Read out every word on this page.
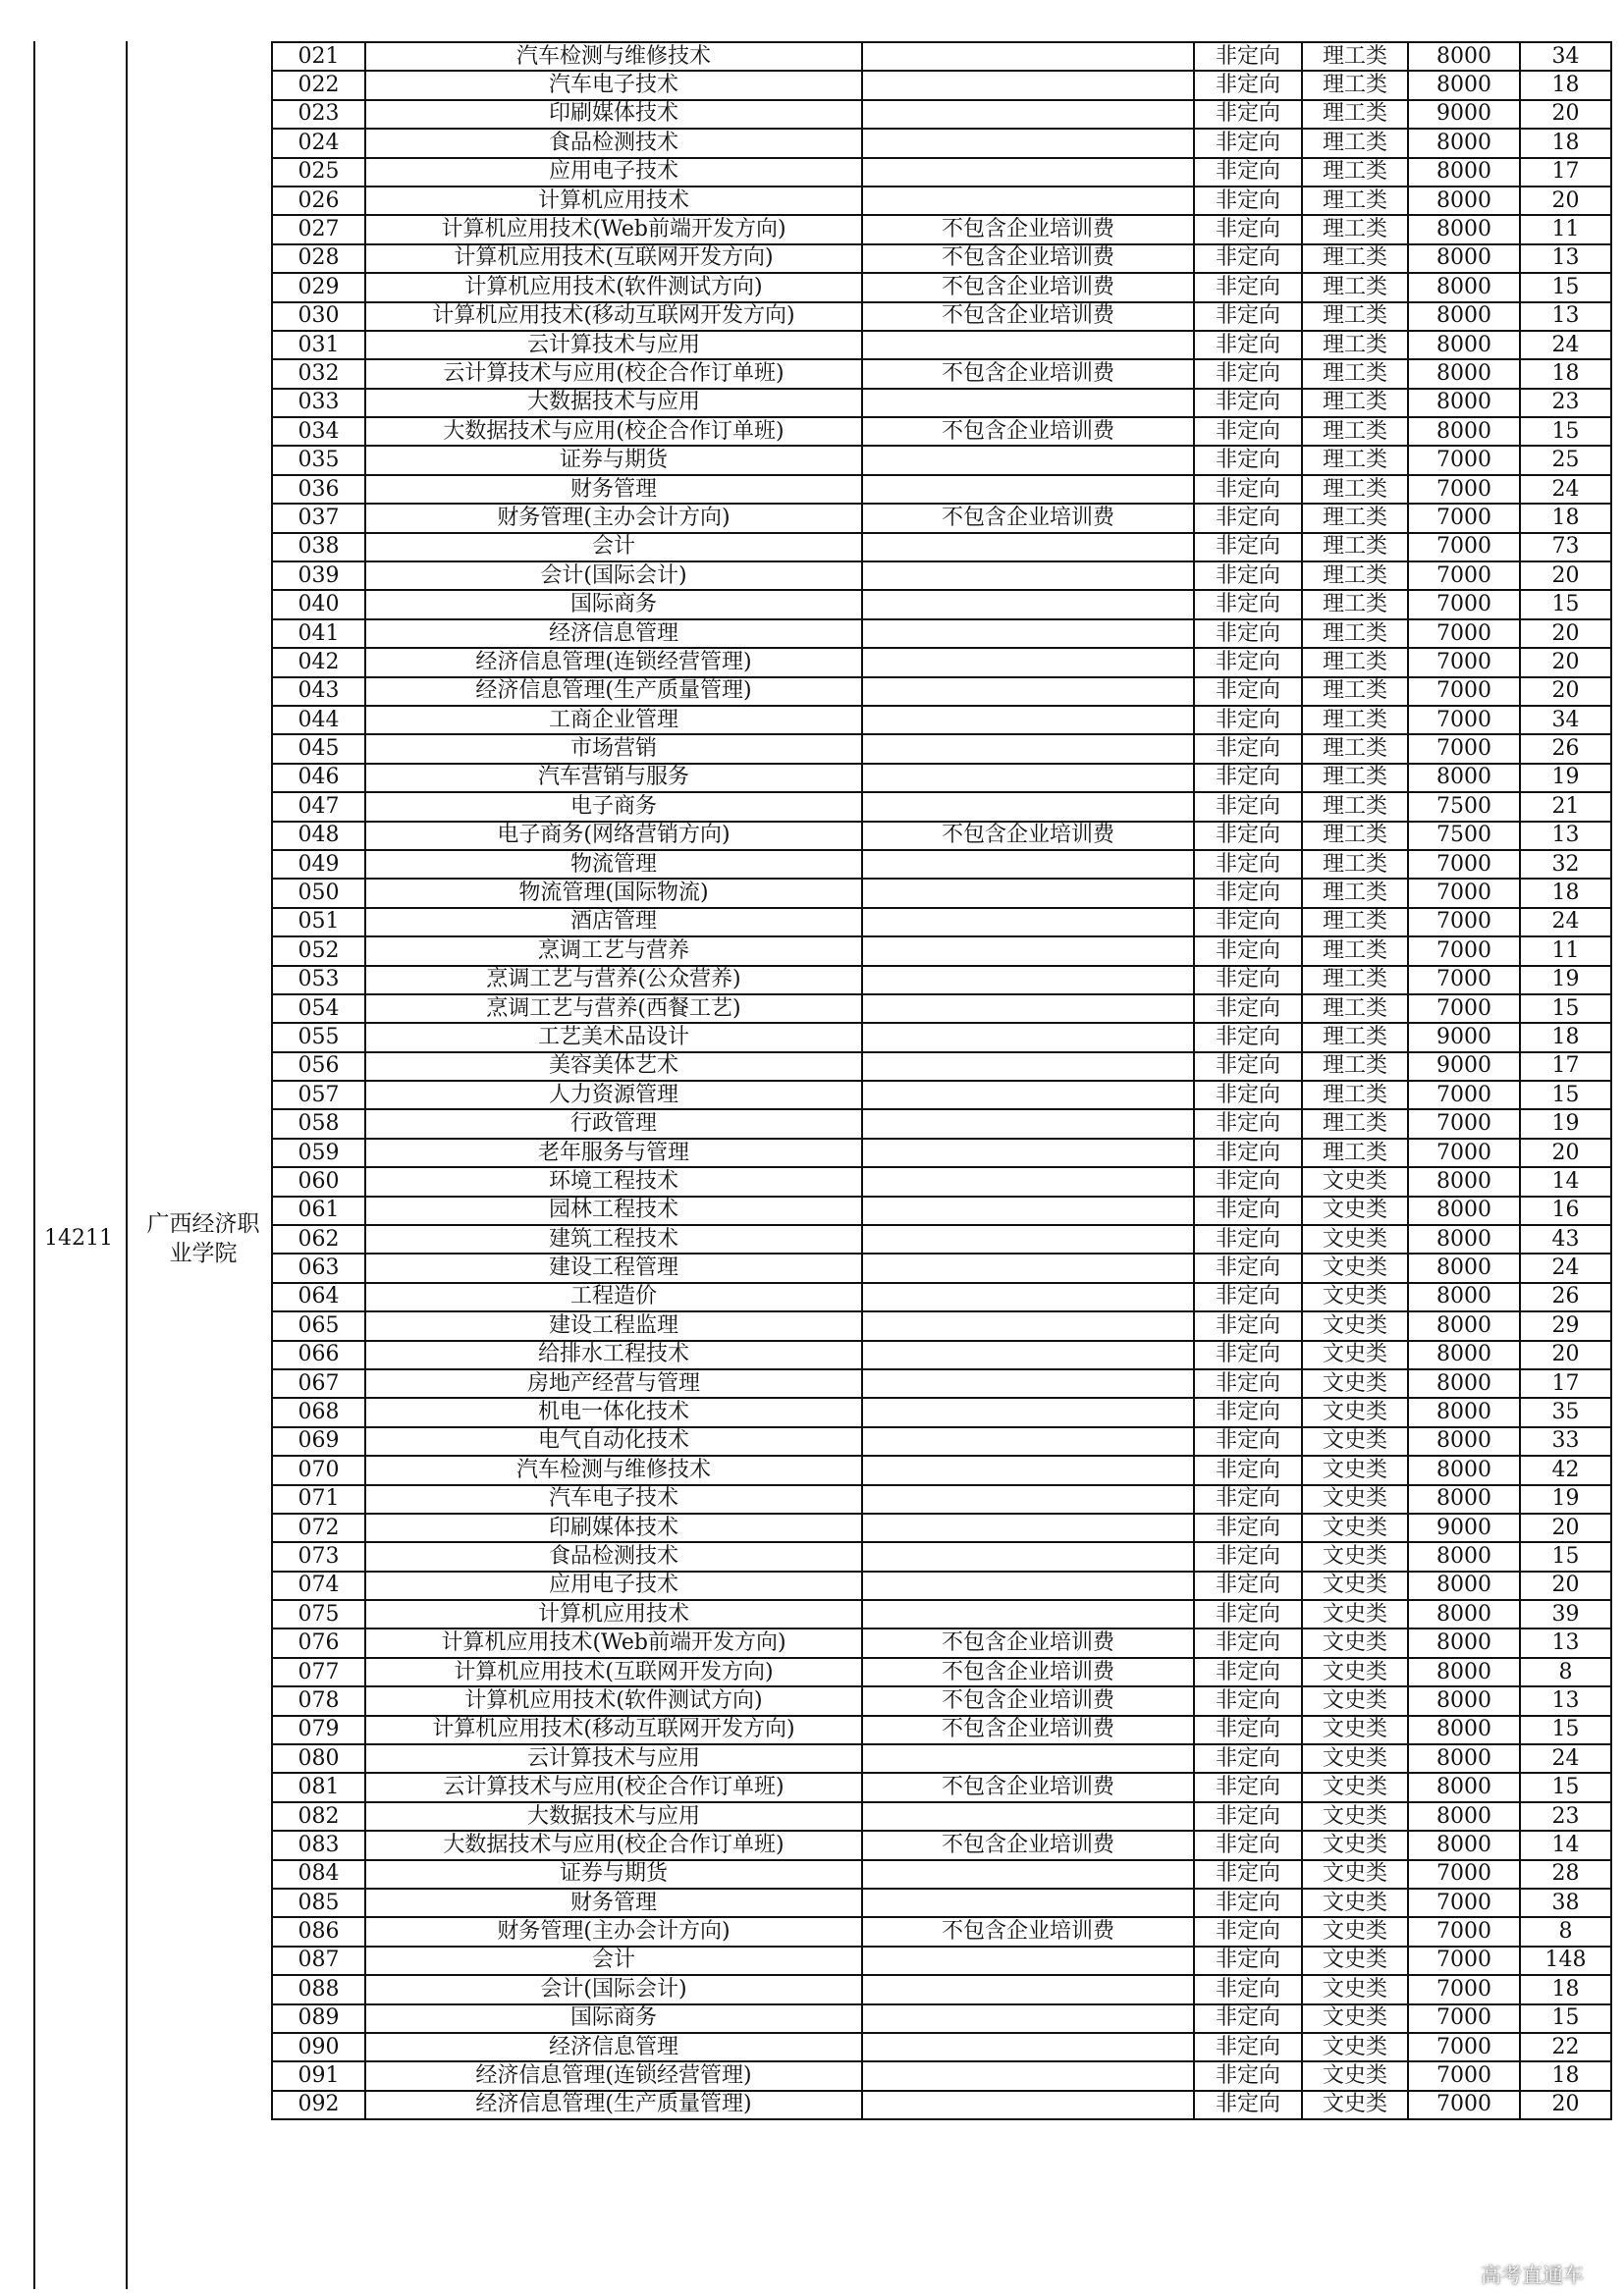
14211
广西经济职
业学院
021	汽车检测与维修技术		非定向	理工类	8000	34
022	汽车电子技术		非定向	理工类	8000	18
023	印刷媒体技术		非定向	理工类	9000	20
024	食品检测技术		非定向	理工类	8000	18
025	应用电子技术		非定向	理工类	8000	17
026	计算机应用技术		非定向	理工类	8000	20
027	计算机应用技术(Web前端开发方向)	不包含企业培训费	非定向	理工类	8000	11
028	计算机应用技术(互联网开发方向)	不包含企业培训费	非定向	理工类	8000	13
029	计算机应用技术(软件测试方向)	不包含企业培训费	非定向	理工类	8000	15
030	计算机应用技术(移动互联网开发方向)	不包含企业培训费	非定向	理工类	8000	13
031	云计算技术与应用		非定向	理工类	8000	24
032	云计算技术与应用(校企合作订单班)	不包含企业培训费	非定向	理工类	8000	18
033	大数据技术与应用		非定向	理工类	8000	23
034	大数据技术与应用(校企合作订单班)	不包含企业培训费	非定向	理工类	8000	15
035	证券与期货		非定向	理工类	7000	25
036	财务管理		非定向	理工类	7000	24
037	财务管理(主办会计方向)	不包含企业培训费	非定向	理工类	7000	18
038	会计		非定向	理工类	7000	73
039	会计(国际会计)		非定向	理工类	7000	20
040	国际商务		非定向	理工类	7000	15
041	经济信息管理		非定向	理工类	7000	20
042	经济信息管理(连锁经营管理)		非定向	理工类	7000	20
043	经济信息管理(生产质量管理)		非定向	理工类	7000	20
044	工商企业管理		非定向	理工类	7000	34
045	市场营销		非定向	理工类	7000	26
046	汽车营销与服务		非定向	理工类	8000	19
047	电子商务		非定向	理工类	7500	21
048	电子商务(网络营销方向)	不包含企业培训费	非定向	理工类	7500	13
049	物流管理		非定向	理工类	7000	32
050	物流管理(国际物流)		非定向	理工类	7000	18
051	酒店管理		非定向	理工类	7000	24
052	烹调工艺与营养		非定向	理工类	7000	11
053	烹调工艺与营养(公众营养)		非定向	理工类	7000	19
054	烹调工艺与营养(西餐工艺)		非定向	理工类	7000	15
055	工艺美术品设计		非定向	理工类	9000	18
056	美容美体艺术		非定向	理工类	9000	17
057	人力资源管理		非定向	理工类	7000	15
058	行政管理		非定向	理工类	7000	19
059	老年服务与管理		非定向	理工类	7000	20
060	环境工程技术		非定向	文史类	8000	14
061	园林工程技术		非定向	文史类	8000	16
062	建筑工程技术		非定向	文史类	8000	43
063	建设工程管理		非定向	文史类	8000	24
064	工程造价		非定向	文史类	8000	26
065	建设工程监理		非定向	文史类	8000	29
066	给排水工程技术		非定向	文史类	8000	20
067	房地产经营与管理		非定向	文史类	8000	17
068	机电一体化技术		非定向	文史类	8000	35
069	电气自动化技术		非定向	文史类	8000	33
070	汽车检测与维修技术		非定向	文史类	8000	42
071	汽车电子技术		非定向	文史类	8000	19
072	印刷媒体技术		非定向	文史类	9000	20
073	食品检测技术		非定向	文史类	8000	15
074	应用电子技术		非定向	文史类	8000	20
075	计算机应用技术		非定向	文史类	8000	39
076	计算机应用技术(Web前端开发方向)	不包含企业培训费	非定向	文史类	8000	13
077	计算机应用技术(互联网开发方向)	不包含企业培训费	非定向	文史类	8000	8
078	计算机应用技术(软件测试方向)	不包含企业培训费	非定向	文史类	8000	13
079	计算机应用技术(移动互联网开发方向)	不包含企业培训费	非定向	文史类	8000	15
080	云计算技术与应用		非定向	文史类	8000	24
081	云计算技术与应用(校企合作订单班)	不包含企业培训费	非定向	文史类	8000	15
082	大数据技术与应用		非定向	文史类	8000	23
083	大数据技术与应用(校企合作订单班)	不包含企业培训费	非定向	文史类	8000	14
084	证券与期货		非定向	文史类	7000	28
085	财务管理		非定向	文史类	7000	38
086	财务管理(主办会计方向)	不包含企业培训费	非定向	文史类	7000	8
087	会计		非定向	文史类	7000	148
088	会计(国际会计)		非定向	文史类	7000	18
089	国际商务		非定向	文史类	7000	15
090	经济信息管理		非定向	文史类	7000	22
091	经济信息管理(连锁经营管理)		非定向	文史类	7000	18
092	经济信息管理(生产质量管理)		非定向	文史类	7000	20
高考直通车
